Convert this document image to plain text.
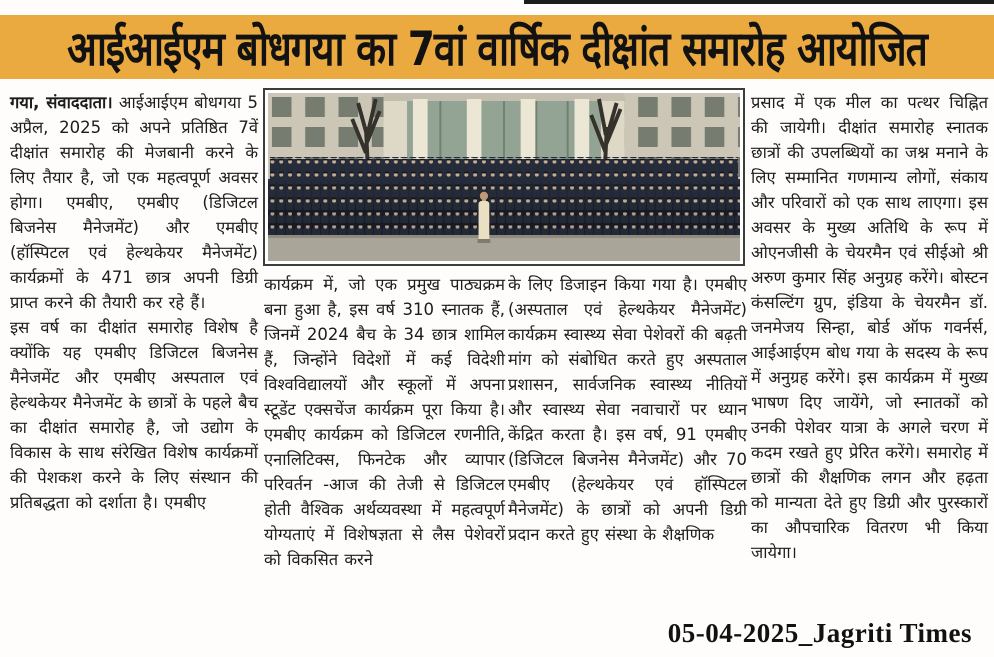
आईआईएम बोधगया का 7वां वार्षिक दीक्षांत समारोह आयोजित

गया, संवाददाता। आईआईएम बोधगया 5 अप्रैल, 2025 को अपने प्रतिष्ठित 7वें दीक्षांत समारोह की मेजबानी करने के लिए तैयार है, जो एक महत्वपूर्ण अवसर होगा। एमबीए, एमबीए (डिजिटल बिजनेस मैनेजमेंट) और एमबीए (हॉस्पिटल एवं हेल्थकेयर मैनेजमेंट) कार्यक्रमों के 471 छात्र अपनी डिग्री प्राप्त करने की तैयारी कर रहे हैं।

इस वर्ष का दीक्षांत समारोह विशेष है क्योंकि यह एमबीए डिजिटल बिजनेस मैनेजमेंट और एमबीए अस्पताल एवं हेल्थकेयर मैनेजमेंट के छात्रों के पहले बैच का दीक्षांत समारोह है, जो उद्योग के विकास के साथ संरेखित विशेष कार्यक्रमों की पेशकश करने के लिए संस्थान की प्रतिबद्धता को दर्शाता है। एमबीए

कार्यक्रम में, जो एक प्रमुख पाठ्यक्रम बना हुआ है, इस वर्ष 310 स्नातक हैं, जिनमें 2024 बैच के 34 छात्र शामिल हैं, जिन्होंने विदेशों में कई विदेशी विश्वविद्यालयों और स्कूलों में अपना स्टूडेंट एक्सचेंज कार्यक्रम पूरा किया है। एमबीए कार्यक्रम को डिजिटल रणनीति, एनालिटिक्स, फिनटेक और व्यापार परिवर्तन -आज की तेजी से डिजिटल होती वैश्विक अर्थव्यवस्था में महत्वपूर्ण योग्यताएं में विशेषज्ञता से लैस पेशेवरों को विकसित करने

के लिए डिजाइन किया गया है। एमबीए (अस्पताल एवं हेल्थकेयर मैनेजमेंट) कार्यक्रम स्वास्थ्य सेवा पेशेवरों की बढ़ती मांग को संबोधित करते हुए अस्पताल प्रशासन, सार्वजनिक स्वास्थ्य नीतियों और स्वास्थ्य सेवा नवाचारों पर ध्यान केंद्रित करता है। इस वर्ष, 91 एमबीए (डिजिटल बिजनेस मैनेजमेंट) और 70 एमबीए (हेल्थकेयर एवं हॉस्पिटल मैनेजमेंट) के छात्रों को अपनी डिग्री प्रदान करते हुए संस्था के शैक्षणिक

प्रसाद में एक मील का पत्थर चिह्नित की जायेगी। दीक्षांत समारोह स्नातक छात्रों की उपलब्धियों का जश्न मनाने के लिए सम्मानित गणमान्य लोगों, संकाय और परिवारों को एक साथ लाएगा। इस अवसर के मुख्य अतिथि के रूप में ओएनजीसी के चेयरमैन एवं सीईओ श्री अरुण कुमार सिंह अनुग्रह करेंगे। बोस्टन कंसल्टिंग ग्रुप, इंडिया के चेयरमैन डॉ. जनमेजय सिन्हा, बोर्ड ऑफ गवर्नर्स, आईआईएम बोध गया के सदस्य के रूप में अनुग्रह करेंगे। इस कार्यक्रम में मुख्य भाषण दिए जायेंगे, जो स्नातकों को उनकी पेशेवर यात्रा के अगले चरण में कदम रखते हुए प्रेरित करेंगे। समारोह में छात्रों की शैक्षणिक लगन और हढ़ता को मान्यता देते हुए डिग्री और पुरस्कारों का औपचारिक वितरण भी किया जायेगा।

05-04-2025_Jagriti Times
